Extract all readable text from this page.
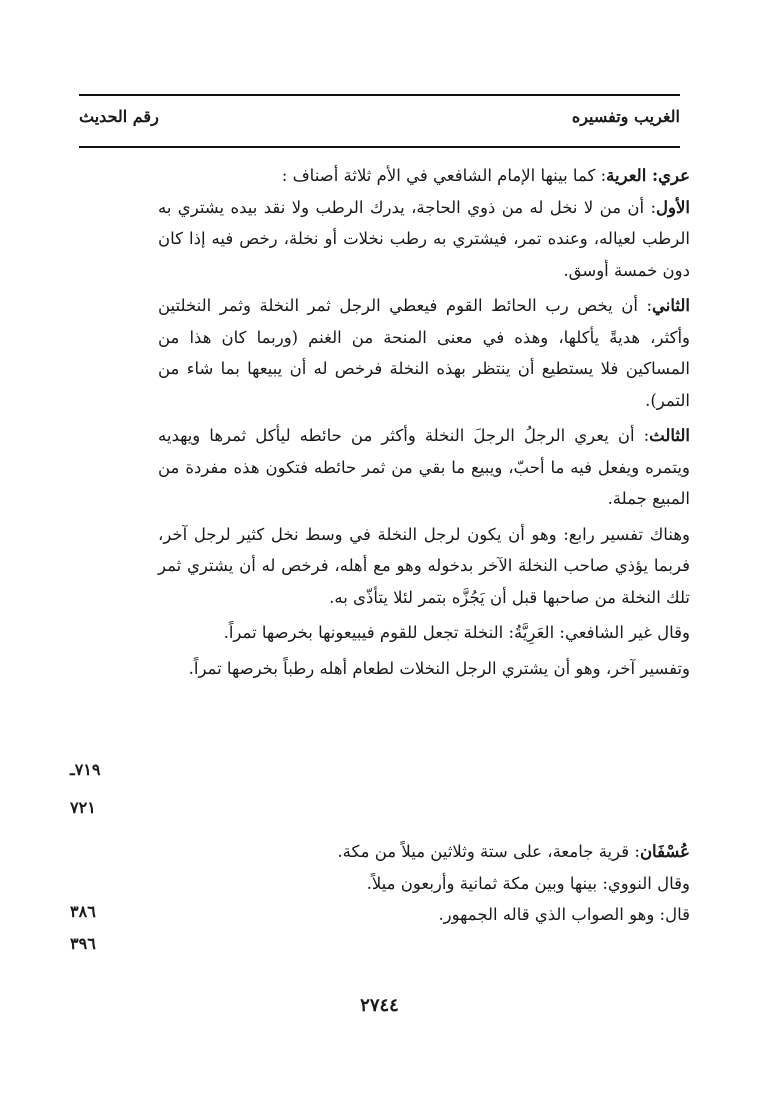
الغريب وتفسيره
رقم الحديث

عري: العرية: كما بينها الإمام الشافعي في الأم ثلاثة أصناف :

الأول: أن من لا نخل له من ذوي الحاجة، يدرك الرطب ولا نقد بيده يشتري به الرطب لعياله، وعنده تمر، فيشتري به رطب نخلات أو نخلة، رخص فيه إذا كان دون خمسة أوسق.

الثاني: أن يخص رب الحائط القوم فيعطي الرجل ثمر النخلة وثمر النخلتين وأكثر، هديةً يأكلها، وهذه في معنى المنحة من الغنم (وربما كان هذا من المساكين فلا يستطيع أن ينتظر بهذه النخلة فرخص له أن يبيعها بما شاء من التمر).

الثالث: أن يعري الرجلُ الرجلَ النخلة وأكثر من حائطه ليأكل ثمرها ويهديه ويتمره ويفعل فيه ما أحبّ، ويبيع ما بقي من ثمر حائطه فتكون هذه مفردة من المبيع جملة.

وهناك تفسير رابع: وهو أن يكون لرجل النخلة في وسط نخل كثير لرجل آخر، فربما يؤذي صاحب النخلة الآخر بدخوله وهو مع أهله، فرخص له أن يشتري ثمر تلك النخلة من صاحبها قبل أن يَجُزَّه بتمر لئلا يتأذّى به.

وقال غير الشافعي: العَرِيَّةُ: النخلة تجعل للقوم فيبيعونها بخرصها تمراً.

وتفسير آخر، وهو أن يشتري الرجل النخلات لطعام أهله رطباً بخرصها تمراً.

٧١٩ـ
٧٢١

عُسْفَان: قرية جامعة، على ستة وثلاثين ميلاً من مكة.

وقال النووي: بينها وبين مكة ثمانية وأربعون ميلاً.

قال: وهو الصواب الذي قاله الجمهور.

٣٨٦
٣٩٦
٢٧٤٤
